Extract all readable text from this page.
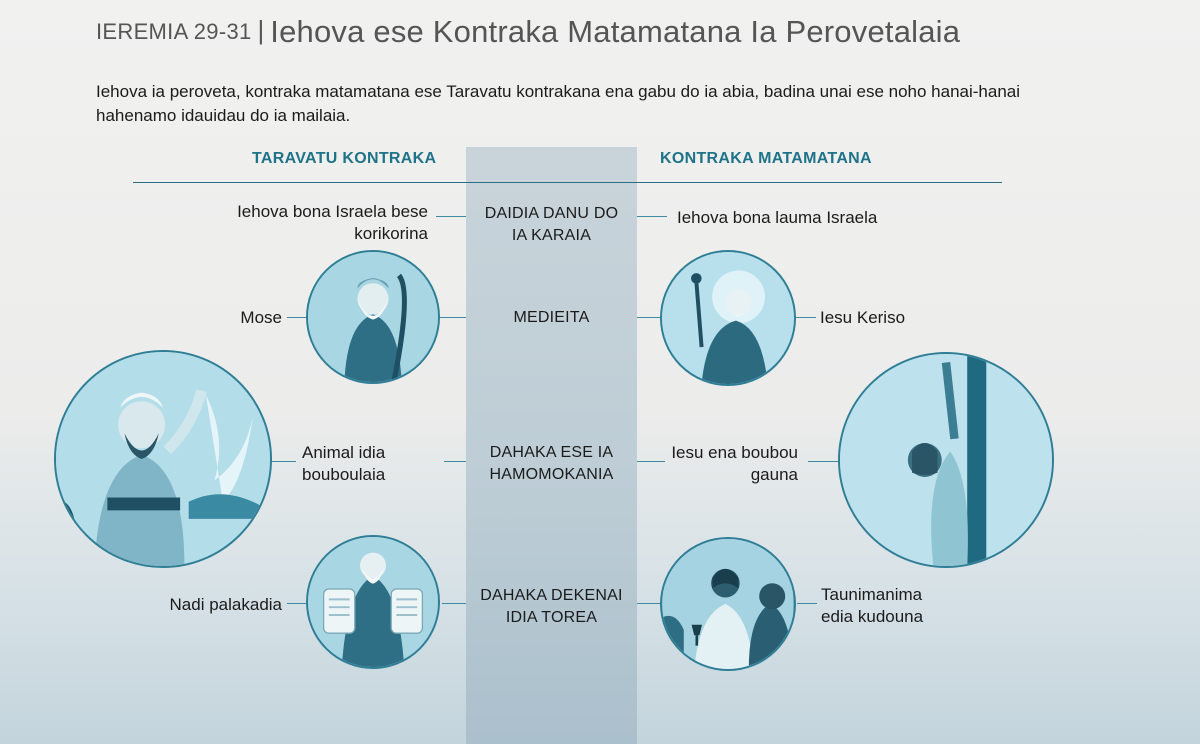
IEREMIA 29-31 | Iehova ese Kontraka Matamatana Ia Perovetalaia
Iehova ia peroveta, kontraka matamatana ese Taravatu kontrakana ena gabu do ia abia, badina unai ese noho hanai-hanai hahenamo idauidau do ia mailaia.
TARAVATU KONTRAKA	KONTRAKA MATAMATANA
DAIDIA DANU DO
IA KARAIA
Iehova bona Israela bese
korikorina
Iehova bona lauma Israela
MEDIEITA
Mose	Iesu Keriso
DAHAKA ESE IA
HAMOMOKANIA
Animal idia
bouboulaia
Iesu ena boubou
gauna
DAHAKA DEKENAI
IDIA TOREA
Nadi palakadia
Taunimanima
edia kudouna
